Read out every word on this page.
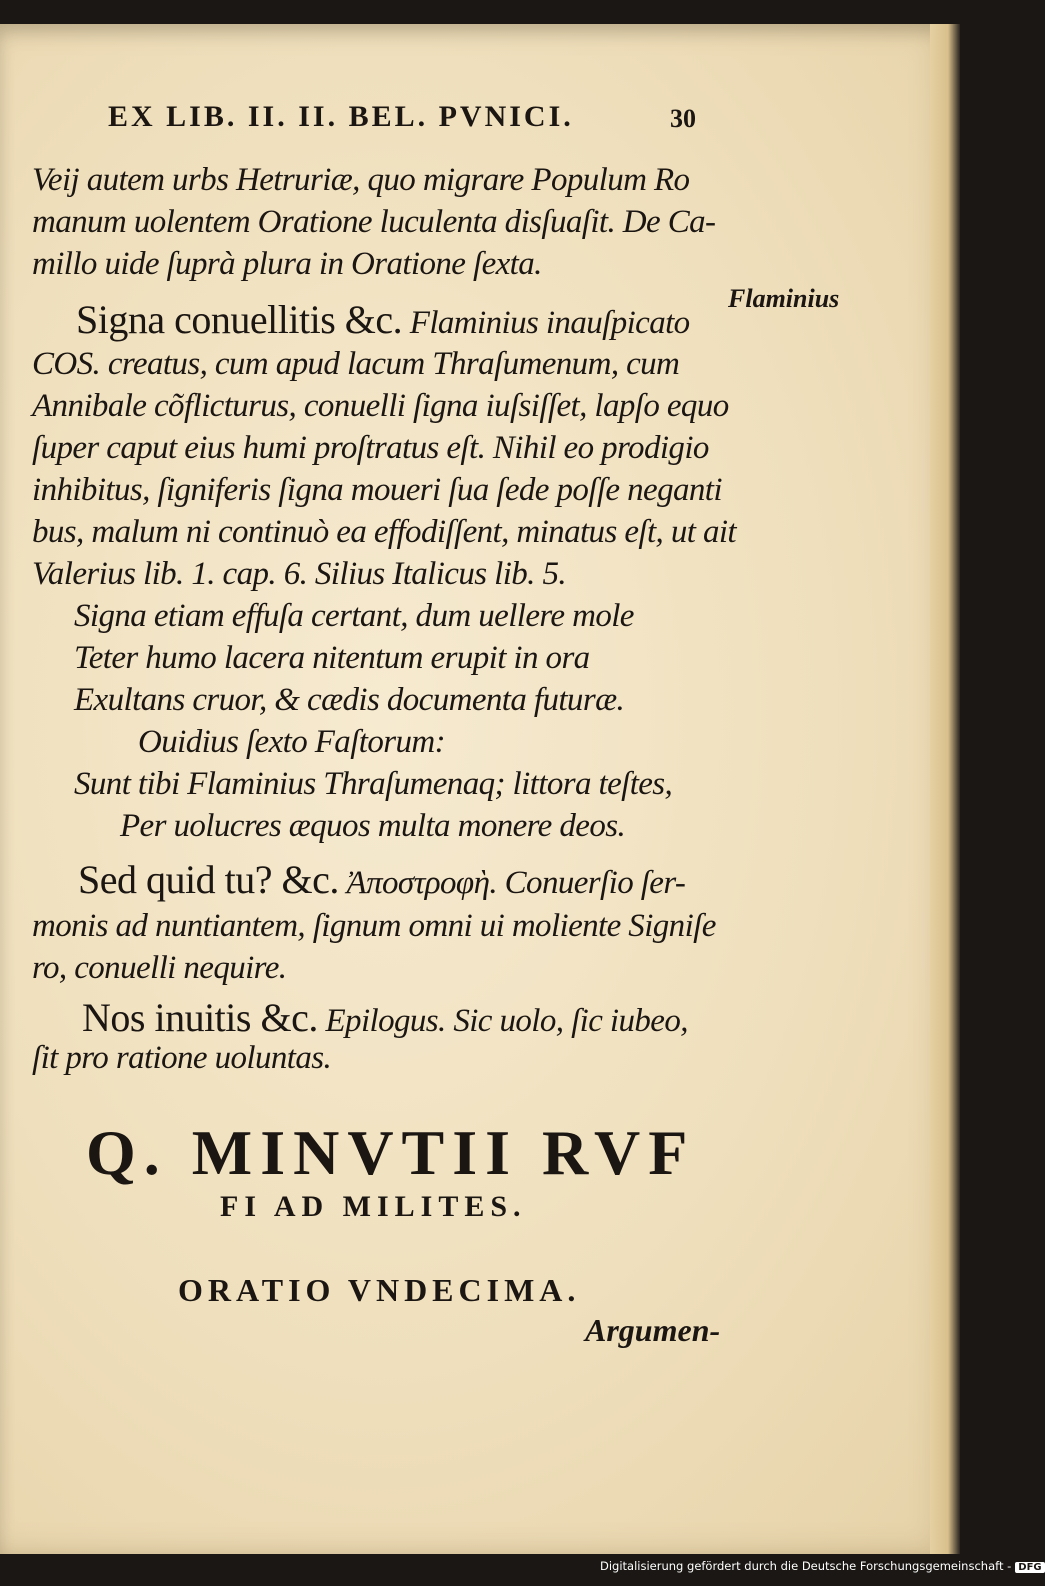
EX LIB. II. II. BEL. PVNICI.	30
Flaminius
Veij autem urbs Hetruriæ, quo migrare Populum Ro
manum uolentem Oratione luculenta disſuaſit. De Ca-
millo uide ſuprà plura in Oratione ſexta.
Signa conuellitis &c. Flaminius inauſpicato
COS. creatus, cum apud lacum Thraſumenum, cum
Annibale cõflicturus, conuelli ſigna iuſsiſſet, lapſo equo
ſuper caput eius humi proſtratus eſt. Nihil eo prodigio
inhibitus, ſigniferis ſigna moueri ſua ſede poſſe neganti
bus, malum ni continuò ea effodiſſent, minatus eſt, ut ait
Valerius lib. 1. cap. 6. Silius Italicus lib. 5.
Signa etiam effuſa certant, dum uellere mole
Teter humo lacera nitentum erupit in ora
Exultans cruor, & cædis documenta futuræ.
Ouidius ſexto Faſtorum:
Sunt tibi Flaminius Thraſumenaq; littora teſtes,
Per uolucres æquos multa monere deos.
Sed quid tu? &c. Ἀποστροφὴ. Conuerſio ſer-
monis ad nuntiantem, ſignum omni ui moliente Signiſe
ro, conuelli nequire.
Nos inuitis &c. Epilogus. Sic uolo, ſic iubeo,
ſit pro ratione uoluntas.
Q. MINVTII RVF
FI AD MILITES.
ORATIO VNDECIMA.
Argumen-
Digitalisierung gefördert durch die Deutsche Forschungsgemeinschaft - DFG
